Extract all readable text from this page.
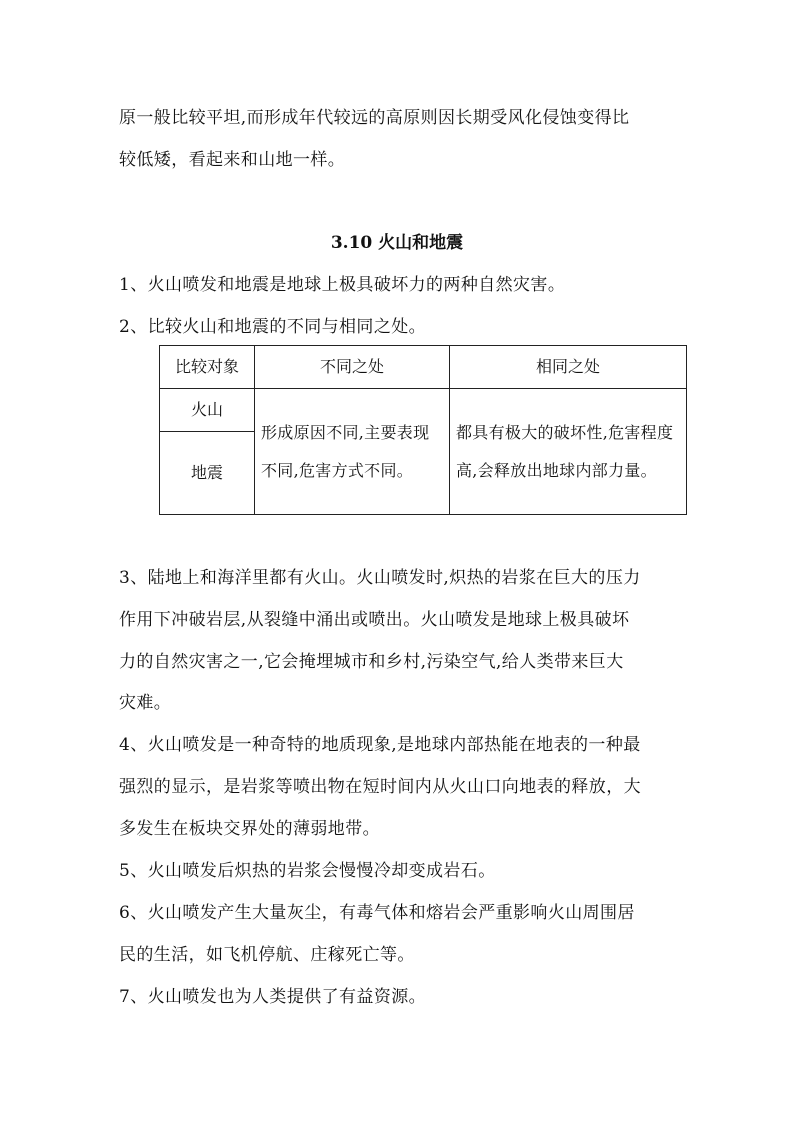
原一般比较平坦,而形成年代较远的高原则因长期受风化侵蚀变得比
较低矮，看起来和山地一样。
3.10 火山和地震
1、火山喷发和地震是地球上极具破坏力的两种自然灾害。
2、比较火山和地震的不同与相同之处。
比较对象	不同之处	相同之处
火山	形成原因不同,主要表现不同,危害方式不同。	都具有极大的破坏性,危害程度高,会释放出地球内部力量。
地震		
3、陆地上和海洋里都有火山。火山喷发时,炽热的岩浆在巨大的压力
作用下冲破岩层,从裂缝中涌出或喷出。火山喷发是地球上极具破坏
力的自然灾害之一,它会掩埋城市和乡村,污染空气,给人类带来巨大
灾难。
4、火山喷发是一种奇特的地质现象,是地球内部热能在地表的一种最
强烈的显示，是岩浆等喷出物在短时间内从火山口向地表的释放，大
多发生在板块交界处的薄弱地带。
5、火山喷发后炽热的岩浆会慢慢冷却变成岩石。
6、火山喷发产生大量灰尘，有毒气体和熔岩会严重影响火山周围居
民的生活，如飞机停航、庄稼死亡等。
7、火山喷发也为人类提供了有益资源。
